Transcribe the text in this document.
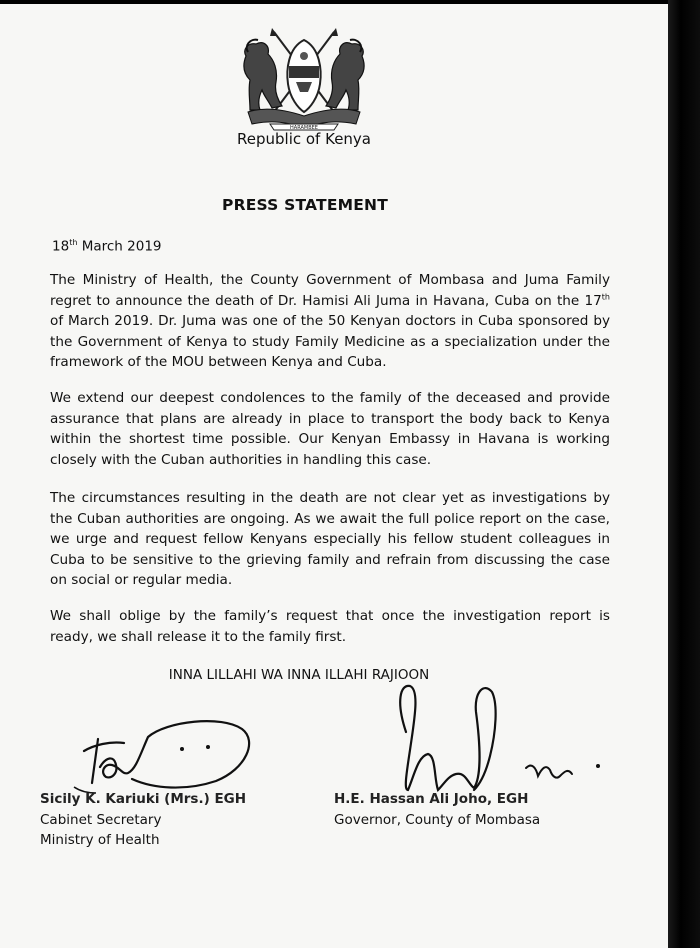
HARAMBEE
Republic of Kenya
PRESS STATEMENT
18th March 2019

The Ministry of Health, the County Government of Mombasa and Juma Family regret to announce the death of Dr. Hamisi Ali Juma in Havana, Cuba on the 17th of March 2019. Dr. Juma was one of the 50 Kenyan doctors in Cuba sponsored by the Government of Kenya to study Family Medicine as a specialization under the framework of the MOU between Kenya and Cuba.

We extend our deepest condolences to the family of the deceased and provide assurance that plans are already in place to transport the body back to Kenya within the shortest time possible. Our Kenyan Embassy in Havana is working closely with the Cuban authorities in handling this case.

The circumstances resulting in the death are not clear yet as investigations by the Cuban authorities are ongoing. As we await the full police report on the case, we urge and request fellow Kenyans especially his fellow student colleagues in Cuba to be sensitive to the grieving family and refrain from discussing the case on social or regular media.

We shall oblige by the family’s request that once the investigation report is ready, we shall release it to the family first.

INNA LILLAHI WA INNA ILLAHI RAJIOON
Sicily K. Kariuki (Mrs.) EGH
Cabinet Secretary
Ministry of Health
H.E. Hassan Ali Joho, EGH
Governor, County of Mombasa
